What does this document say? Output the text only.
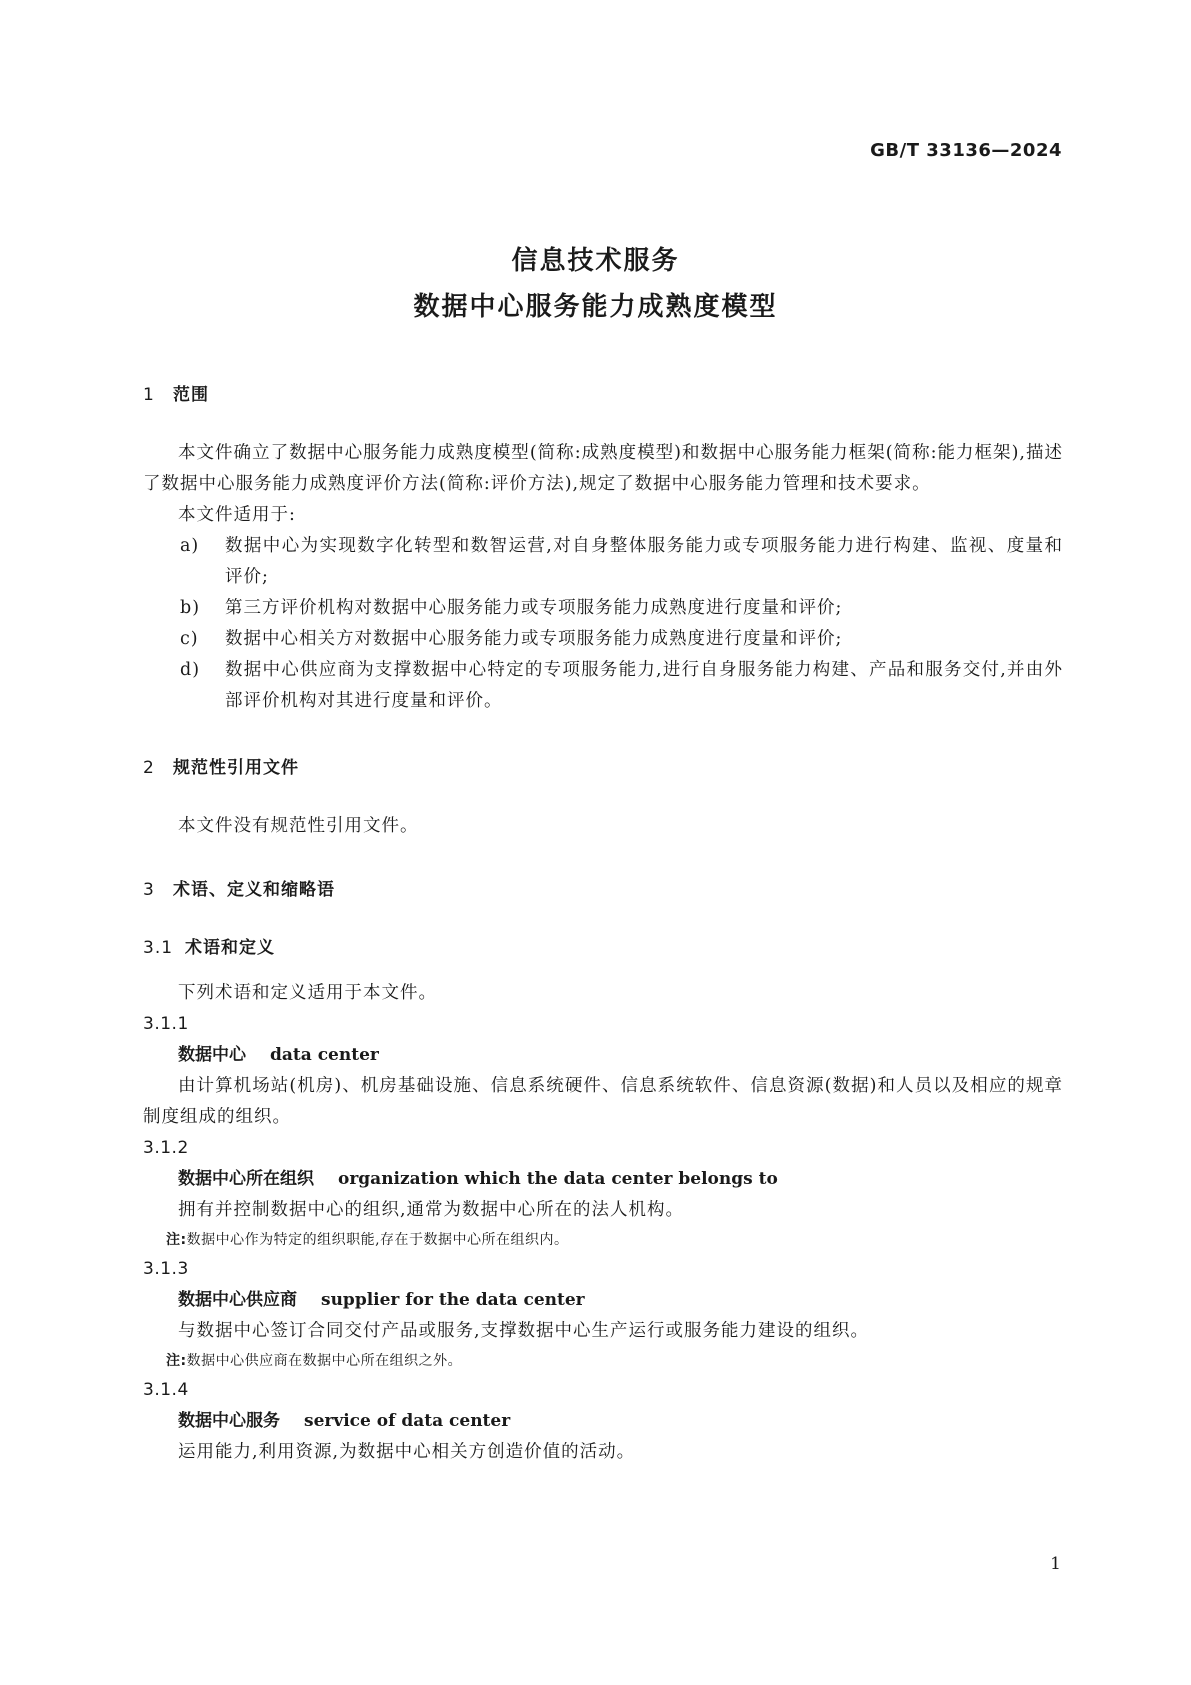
GB/T 33136—2024
信息技术服务
数据中心服务能力成熟度模型
1 范围

本文件确立了数据中心服务能力成熟度模型(简称:成熟度模型)和数据中心服务能力框架(简称:能力框架),描述了数据中心服务能力成熟度评价方法(简称:评价方法),规定了数据中心服务能力管理和技术要求。

本文件适用于:

a) 数据中心为实现数字化转型和数智运营,对自身整体服务能力或专项服务能力进行构建、监视、度量和评价;
b) 第三方评价机构对数据中心服务能力或专项服务能力成熟度进行度量和评价;
c) 数据中心相关方对数据中心服务能力或专项服务能力成熟度进行度量和评价;
d) 数据中心供应商为支撑数据中心特定的专项服务能力,进行自身服务能力构建、产品和服务交付,并由外部评价机构对其进行度量和评价。
2 规范性引用文件

本文件没有规范性引用文件。

3 术语、定义和缩略语
3.1 术语和定义

下列术语和定义适用于本文件。

3.1.1
数据中心 data center

由计算机场站(机房)、机房基础设施、信息系统硬件、信息系统软件、信息资源(数据)和人员以及相应的规章制度组成的组织。

3.1.2
数据中心所在组织 organization which the data center belongs to

拥有并控制数据中心的组织,通常为数据中心所在的法人机构。

注:数据中心作为特定的组织职能,存在于数据中心所在组织内。
3.1.3
数据中心供应商 supplier for the data center

与数据中心签订合同交付产品或服务,支撑数据中心生产运行或服务能力建设的组织。

注:数据中心供应商在数据中心所在组织之外。
3.1.4
数据中心服务 service of data center

运用能力,利用资源,为数据中心相关方创造价值的活动。

1
